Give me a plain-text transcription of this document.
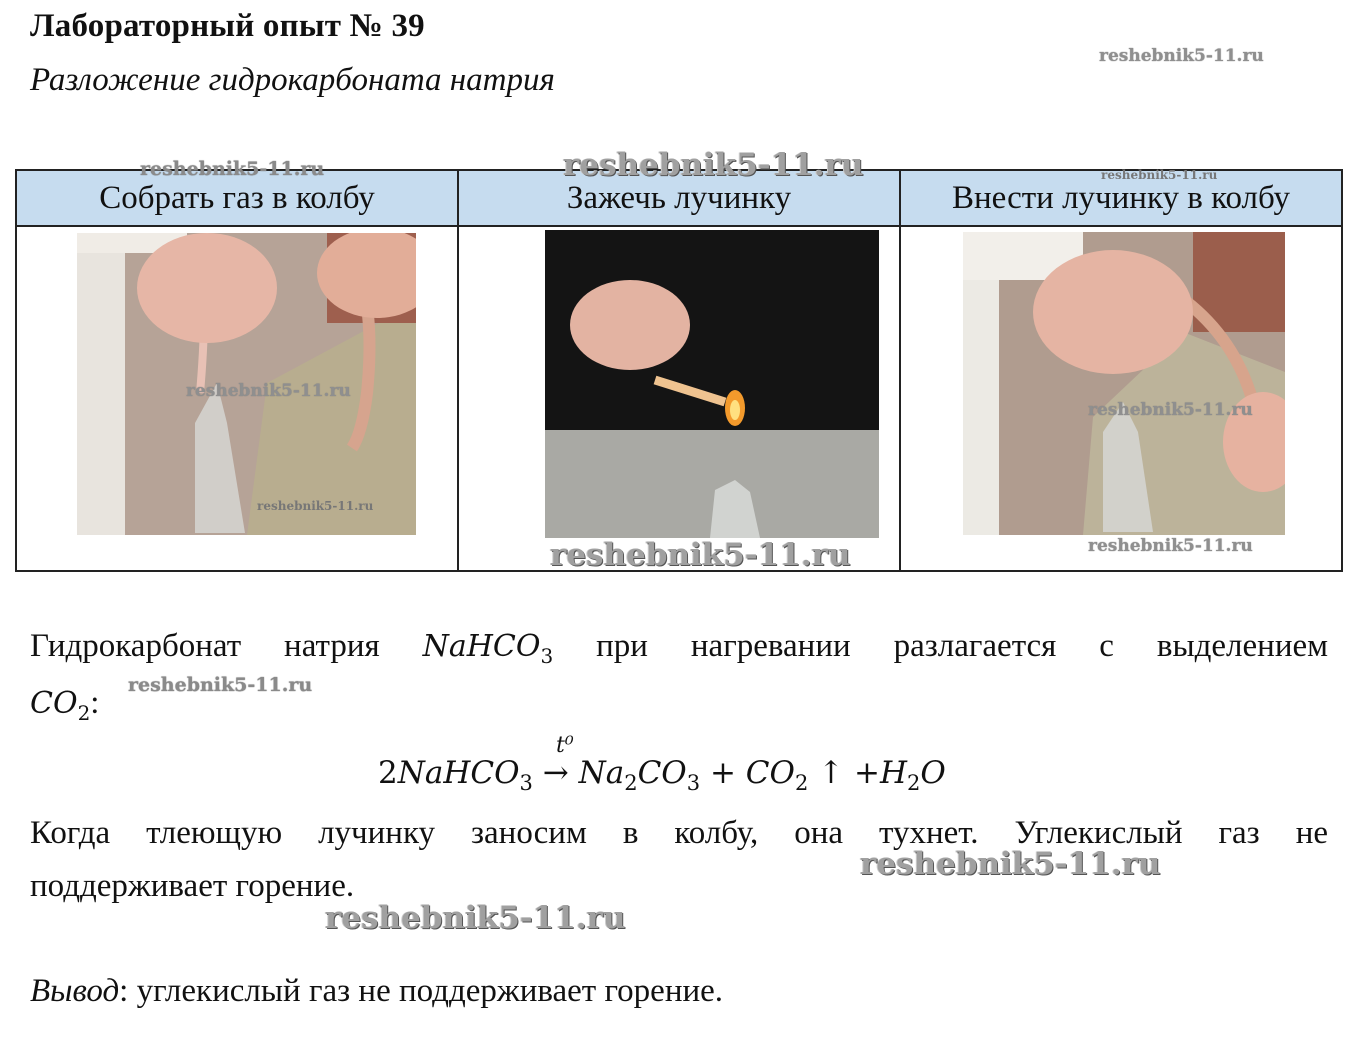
Лабораторный опыт № 39
Разложение гидрокарбоната натрия
Собрать газ в колбу	Зажечь лучинку	Внести лучинку в колбу

reshebnik5-11.ru
reshebnik5-11.ru	reshebnik5-11.ru	reshebnik5-11.ru
reshebnik5-11.ru
reshebnik5-11.ru
reshebnik5-11.ru
reshebnik5-11.ru	reshebnik5-11.ru
reshebnik5-11.ru
reshebnik5-11.ru
reshebnik5-11.ru
Гидрокарбонат натрия NaHCO$_3$ при нагревании разлагается с выделением
$CO_2$:
t⁰
2NaHCO$_3$ → $Na_2CO_3 + CO_2$ ↑ $+H_2O$
Когда тлеющую лучинку заносим в колбу, она тухнет. Углекислый газ не
поддерживает горение.
Вывод: углекислый газ не поддерживает горение.
